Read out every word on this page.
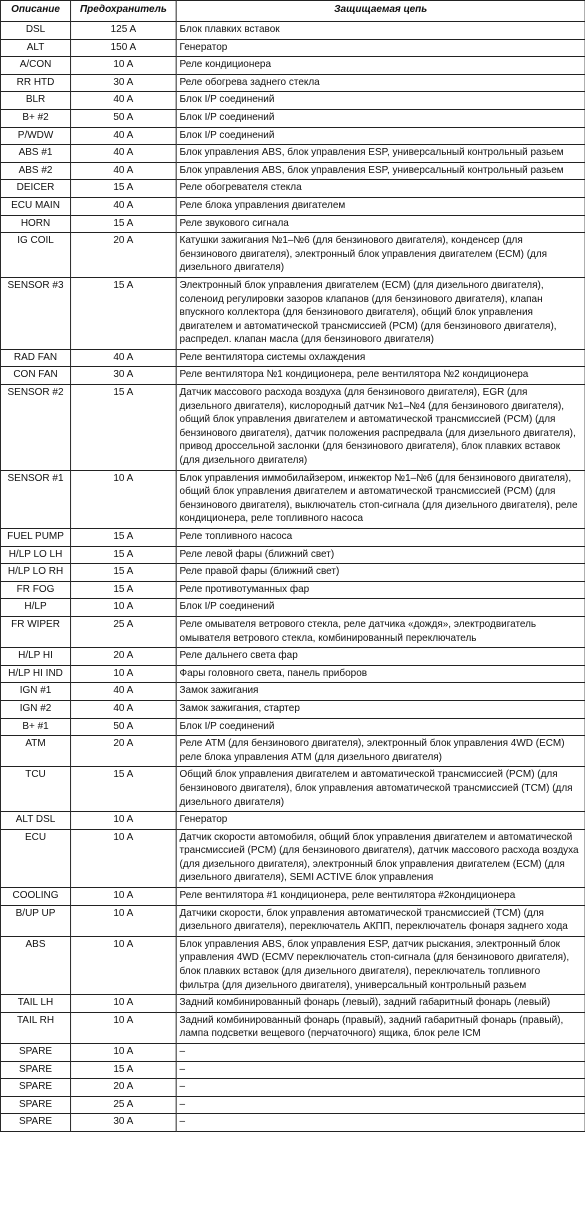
Описание	Предохранитель	Защищаемая цепь
DSL	125 A	Блок плавких вставок
ALT	150 A	Генератор
A/CON	10 A	Реле кондиционера
RR HTD	30 A	Реле обогрева заднего стекла
BLR	40 A	Блок I/P соединений
B+ #2	50 A	Блок I/P соединений
P/WDW	40 A	Блок I/P соединений
ABS #1	40 A	Блок управления ABS, блок управления ESP, универсальный контрольный разьем
ABS #2	40 A	Блок управления ABS, блок управления ESP, универсальный контрольный разьем
DEICER	15 A	Реле обогревателя стекла
ECU MAIN	40 A	Реле блока управления двигателем
HORN	15 A	Реле звукового сигнала
IG COIL	20 A	Катушки зажигания №1–№6 (для бензинового двигателя), конденсер (для бензинового двигателя), электронный блок управления двигателем (ECM) (для дизельного двигателя)
SENSOR #3	15 A	Электронный блок управления двигателем (ECM) (для дизельного двигателя), соленоид регулировки зазоров клапанов (для бензинового двигателя), клапан впускного коллектора (для бензинового двигателя), общий блок управления двигателем и автоматической трансмиссией (PCM) (для бензинового двигателя), распредел. клапан масла (для бензинового двигателя)
RAD FAN	40 A	Реле вентилятора системы охлаждения
CON FAN	30 A	Реле вентилятора №1 кондиционера, реле вентилятора №2 кондиционера
SENSOR #2	15 A	Датчик массового расхода воздуха (для бензинового двигателя), EGR (для дизельного двигателя), кислородный датчик №1–№4 (для бензинового двигателя), общий блок управления двигателем и автоматической трансмиссией (PCM) (для бензинового двигателя), датчик положения распредвала (для дизельного двигателя), привод дроссельной заслонки (для бензинового двигателя), блок плавких вставок (для дизельного двигателя)
SENSOR #1	10 A	Блок управления иммобилайзером, инжектор №1–№6 (для бензинового двигателя), общий блок управления двигателем и автоматической трансмиссией (PCM) (для бензинового двигателя), выключатель стоп-сигнала (для дизельного двигателя), реле кондиционера, реле топливного насоса
FUEL PUMP	15 A	Реле топливного насоса
H/LP LO LH	15 A	Реле левой фары (ближний свет)
H/LP LO RH	15 A	Реле правой фары (ближний свет)
FR FOG	15 A	Реле противотуманных фар
H/LP	10 A	Блок I/P соединений
FR WIPER	25 A	Реле омывателя ветрового стекла, реле датчика «дождя», электродвигатель омывателя ветрового стекла, комбинированный переключатель
H/LP HI	20 A	Реле дальнего света фар
H/LP HI IND	10 A	Фары головного света, панель приборов
IGN #1	40 A	Замок зажигания
IGN #2	40 A	Замок зажигания, стартер
B+ #1	50 A	Блок I/P соединений
ATM	20 A	Реле ATM (для бензинового двигателя), электронный блок управления 4WD (ECM) реле блока управления ATM (для дизельного двигателя)
TCU	15 A	Общий блок управления двигателем и автоматической трансмиссией (PCM) (для бензинового двигателя), блок управления автоматической трансмиссией (TCM) (для дизельного двигателя)
ALT DSL	10 A	Генератор
ECU	10 A	Датчик скорости автомобиля, общий блок управления двигателем и автоматической трансмиссией (PCM) (для бензинового двигателя), датчик массового расхода воздуха (для дизельного двигателя), электронный блок управления двигателем (ECM) (для дизельного двигателя), SEMI ACTIVE блок управления
COOLING	10 A	Реле вентилятора #1 кондиционера, реле вентилятора #2кондиционера
B/UP UP	10 A	Датчики скорости, блок управления автоматической трансмиссией (TCM) (для дизельного двигателя), переключатель АКПП, переключатель фонаря заднего хода
ABS	10 A	Блок управления ABS, блок управления ESP, датчик рыскания, электронный блок управления 4WD (ECMV переключатель стоп-сигнала (для бензинового двигателя), блок плавких вставок (для дизельного двигателя), переключатель топливного фильтра (для дизельного двигателя), универсальный контрольный разьем
TAIL LH	10 A	Задний комбинированный фонарь (левый), задний габаритный фонарь (левый)
TAIL RH	10 A	Задний комбинированный фонарь (правый), задний габаритный фонарь (правый), лампа подсветки вещевого (перчаточного) ящика, блок реле ICM
SPARE	10 A	–
SPARE	15 A	–
SPARE	20 A	–
SPARE	25 A	–
SPARE	30 A	–
